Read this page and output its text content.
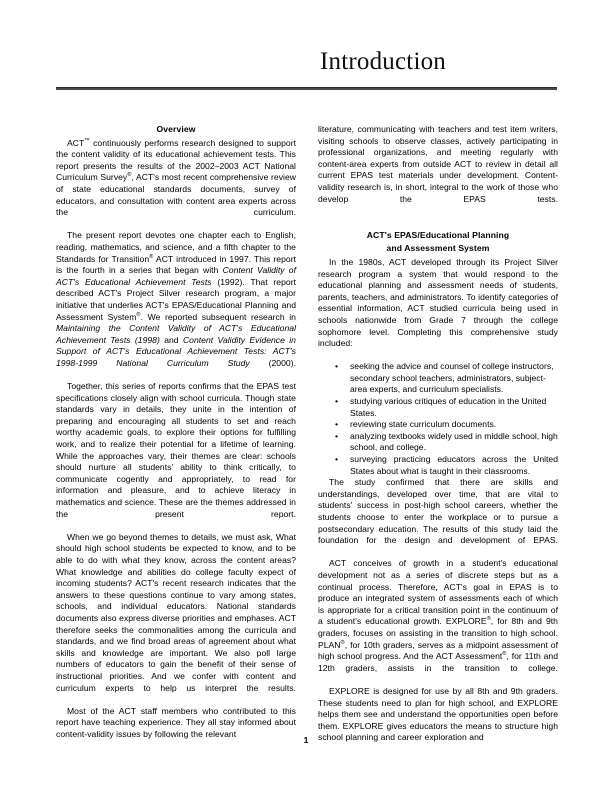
Introduction
Overview

ACT™ continuously performs research designed to support the content validity of its educational achievement tests. This report presents the results of the 2002–2003 ACT National Curriculum Survey®, ACT's most recent comprehensive review of state educational standards documents, survey of educators, and consultation with content area experts across the curriculum.

The present report devotes one chapter each to English, reading, mathematics, and science, and a fifth chapter to the Standards for Transition® ACT introduced in 1997. This report is the fourth in a series that began with Content Validity of ACT's Educational Achievement Tests (1992). That report described ACT's Project Silver research program, a major initiative that underlies ACT's EPAS/Educational Planning and Assessment System®. We reported subsequent research in Maintaining the Content Validity of ACT's Educational Achievement Tests (1998) and Content Validity Evidence in Support of ACT's Educational Achievement Tests: ACT's 1998-1999 National Curriculum Study (2000).

Together, this series of reports confirms that the EPAS test specifications closely align with school curricula. Though state standards vary in details, they unite in the intention of preparing and encouraging all students to set and reach worthy academic goals, to explore their options for fulfilling work, and to realize their potential for a lifetime of learning. While the approaches vary, their themes are clear: schools should nurture all students' ability to think critically, to communicate cogently and appropriately, to read for information and pleasure, and to achieve literacy in mathematics and science. These are the themes addressed in the present report.

When we go beyond themes to details, we must ask, What should high school students be expected to know, and to be able to do with what they know, across the content areas? What knowledge and abilities do college faculty expect of incoming students? ACT's recent research indicates that the answers to these questions continue to vary among states, schools, and individual educators. National standards documents also express diverse priorities and emphases. ACT therefore seeks the commonalities among the curricula and standards, and we find broad areas of agreement about what skills and knowledge are important. We also poll large numbers of educators to gain the benefit of their sense of instructional priorities. And we confer with content and curriculum experts to help us interpret the results.

Most of the ACT staff members who contributed to this report have teaching experience. They all stay informed about content-validity issues by following the relevant

literature, communicating with teachers and test item writers, visiting schools to observe classes, actively participating in professional organizations, and meeting regularly with content-area experts from outside ACT to review in detail all current EPAS test materials under development. Content-validity research is, in short, integral to the work of those who develop the EPAS tests.

ACT's EPAS/Educational Planning
and Assessment System

In the 1980s, ACT developed through its Project Silver research program a system that would respond to the educational planning and assessment needs of students, parents, teachers, and administrators. To identify categories of essential information, ACT studied curricula being used in schools nationwide from Grade 7 through the college sophomore level. Completing this comprehensive study included:

• seeking the advice and counsel of college instructors, secondary school teachers, administrators, subject-area experts, and curriculum specialists.
• studying various critiques of education in the United States.
• reviewing state curriculum documents.
• analyzing textbooks widely used in middle school, high school, and college.
• surveying practicing educators across the United States about what is taught in their classrooms.

The study confirmed that there are skills and understandings, developed over time, that are vital to students' success in post-high school careers, whether the students choose to enter the workplace or to pursue a postsecondary education. The results of this study laid the foundation for the design and development of EPAS.

ACT conceives of growth in a student's educational development not as a series of discrete steps but as a continual process. Therefore, ACT's goal in EPAS is to produce an integrated system of assessments each of which is appropriate for a critical transition point in the continuum of a student's educational growth. EXPLORE®, for 8th and 9th graders, focuses on assisting in the transition to high school. PLAN®, for 10th graders, serves as a midpoint assessment of high school progress. And the ACT Assessment®, for 11th and 12th graders, assists in the transition to college.

EXPLORE is designed for use by all 8th and 9th graders. These students need to plan for high school, and EXPLORE helps them see and understand the opportunities open before them. EXPLORE gives educators the means to structure high school planning and career exploration and

1
